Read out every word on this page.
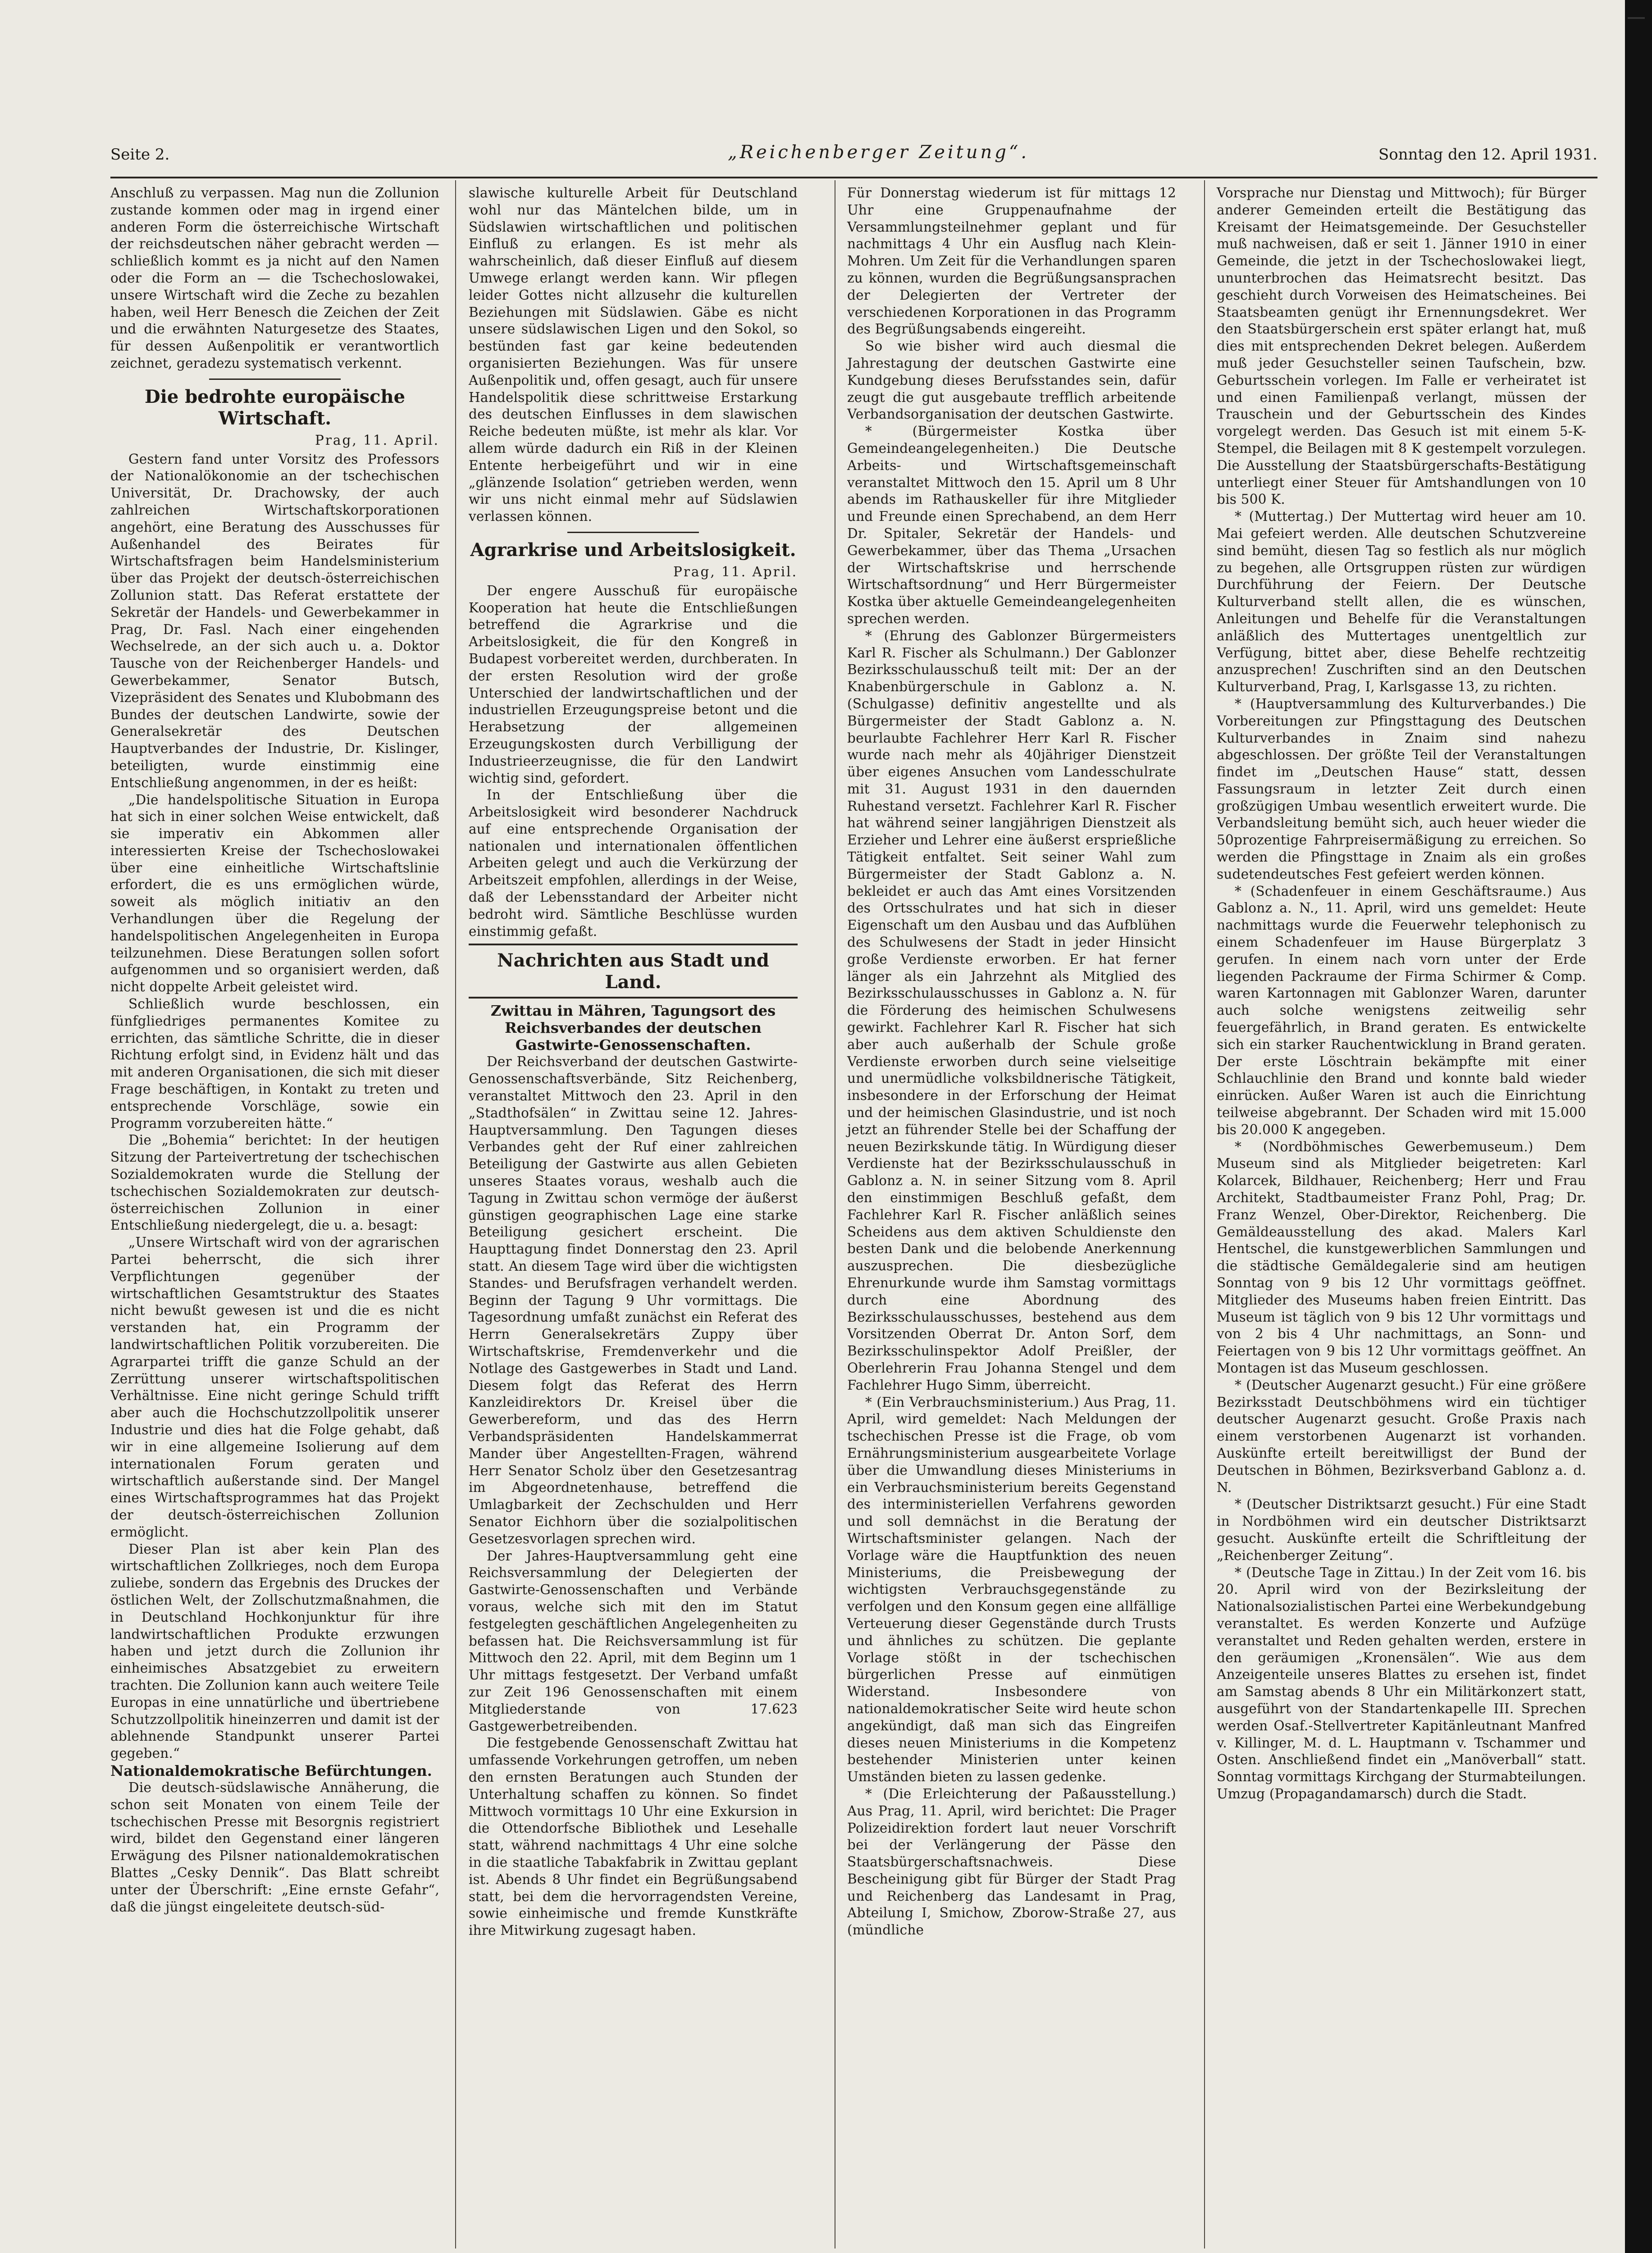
Seite 2.	„Reichenberger Zeitung“.	Sonntag den 12. April 1931.

Anschluß zu verpassen. Mag nun die Zollunion zustande kommen oder mag in irgend einer anderen Form die österreichische Wirtschaft der reichsdeutschen näher gebracht werden — schließlich kommt es ja nicht auf den Namen oder die Form an — die Tschechoslowakei, unsere Wirtschaft wird die Zeche zu bezahlen haben, weil Herr Benesch die Zeichen der Zeit und die erwähnten Naturgesetze des Staates, für dessen Außenpolitik er verantwortlich zeichnet, geradezu systematisch verkennt.

Die bedrohte europäische Wirtschaft.
Prag, 11. April.

Gestern fand unter Vorsitz des Professors der Nationalökonomie an der tschechischen Universität, Dr. Drachowsky, der auch zahlreichen Wirtschaftskorporationen angehört, eine Beratung des Ausschusses für Außenhandel des Beirates für Wirtschaftsfragen beim Handelsministerium über das Projekt der deutsch-österreichischen Zollunion statt. Das Referat erstattete der Sekretär der Handels- und Gewerbekammer in Prag, Dr. Fasl. Nach einer eingehenden Wechselrede, an der sich auch u. a. Doktor Tausche von der Reichenberger Handels- und Gewerbekammer, Senator Butsch, Vizepräsident des Senates und Klubobmann des Bundes der deutschen Landwirte, sowie der Generalsekretär des Deutschen Hauptverbandes der Industrie, Dr. Kislinger, beteiligten, wurde einstimmig eine Entschließung angenommen, in der es heißt:

„Die handelspolitische Situation in Europa hat sich in einer solchen Weise entwickelt, daß sie imperativ ein Abkommen aller interessierten Kreise der Tschechoslowakei über eine einheitliche Wirtschaftslinie erfordert, die es uns ermöglichen würde, soweit als möglich initiativ an den Verhandlungen über die Regelung der handelspolitischen Angelegenheiten in Europa teilzunehmen. Diese Beratungen sollen sofort aufgenommen und so organisiert werden, daß nicht doppelte Arbeit geleistet wird.

Schließlich wurde beschlossen, ein fünfgliedriges permanentes Komitee zu errichten, das sämtliche Schritte, die in dieser Richtung erfolgt sind, in Evidenz hält und das mit anderen Organisationen, die sich mit dieser Frage beschäftigen, in Kontakt zu treten und entsprechende Vorschläge, sowie ein Programm vorzubereiten hätte.“

Die „Bohemia“ berichtet: In der heutigen Sitzung der Parteivertretung der tschechischen Sozialdemokraten wurde die Stellung der tschechischen Sozialdemokraten zur deutsch-österreichischen Zollunion in einer Entschließung niedergelegt, die u. a. besagt:

„Unsere Wirtschaft wird von der agrarischen Partei beherrscht, die sich ihrer Verpflichtungen gegenüber der wirtschaftlichen Gesamtstruktur des Staates nicht bewußt gewesen ist und die es nicht verstanden hat, ein Programm der landwirtschaftlichen Politik vorzubereiten. Die Agrarpartei trifft die ganze Schuld an der Zerrüttung unserer wirtschaftspolitischen Verhältnisse. Eine nicht geringe Schuld trifft aber auch die Hochschutzzollpolitik unserer Industrie und dies hat die Folge gehabt, daß wir in eine allgemeine Isolierung auf dem internationalen Forum geraten und wirtschaftlich außerstande sind. Der Mangel eines Wirtschaftsprogrammes hat das Projekt der deutsch-österreichischen Zollunion ermöglicht.

Dieser Plan ist aber kein Plan des wirtschaftlichen Zollkrieges, noch dem Europa zuliebe, sondern das Ergebnis des Druckes der östlichen Welt, der Zollschutzmaßnahmen, die in Deutschland Hochkonjunktur für ihre landwirtschaftlichen Produkte erzwungen haben und jetzt durch die Zollunion ihr einheimisches Absatzgebiet zu erweitern trachten. Die Zollunion kann auch weitere Teile Europas in eine unnatürliche und übertriebene Schutzzollpolitik hineinzerren und damit ist der ablehnende Standpunkt unserer Partei gegeben.“

Nationaldemokratische Befürchtungen.

Die deutsch-südslawische Annäherung, die schon seit Monaten von einem Teile der tschechischen Presse mit Besorgnis registriert wird, bildet den Gegenstand einer längeren Erwägung des Pilsner nationaldemokratischen Blattes „Cesky Dennik“. Das Blatt schreibt unter der Überschrift: „Eine ernste Gefahr“, daß die jüngst eingeleitete deutsch-süd-

slawische kulturelle Arbeit für Deutschland wohl nur das Mäntelchen bilde, um in Südslawien wirtschaftlichen und politischen Einfluß zu erlangen. Es ist mehr als wahrscheinlich, daß dieser Einfluß auf diesem Umwege erlangt werden kann. Wir pflegen leider Gottes nicht allzusehr die kulturellen Beziehungen mit Südslawien. Gäbe es nicht unsere südslawischen Ligen und den Sokol, so bestünden fast gar keine bedeutenden organisierten Beziehungen. Was für unsere Außenpolitik und, offen gesagt, auch für unsere Handelspolitik diese schrittweise Erstarkung des deutschen Einflusses in dem slawischen Reiche bedeuten müßte, ist mehr als klar. Vor allem würde dadurch ein Riß in der Kleinen Entente herbeigeführt und wir in eine „glänzende Isolation“ getrieben werden, wenn wir uns nicht einmal mehr auf Südslawien verlassen können.

Agrarkrise und Arbeitslosigkeit.
Prag, 11. April.

Der engere Ausschuß für europäische Kooperation hat heute die Entschließungen betreffend die Agrarkrise und die Arbeitslosigkeit, die für den Kongreß in Budapest vorbereitet werden, durchberaten. In der ersten Resolution wird der große Unterschied der landwirtschaftlichen und der industriellen Erzeugungspreise betont und die Herabsetzung der allgemeinen Erzeugungskosten durch Verbilligung der Industrieerzeugnisse, die für den Landwirt wichtig sind, gefordert.

In der Entschließung über die Arbeitslosigkeit wird besonderer Nachdruck auf eine entsprechende Organisation der nationalen und internationalen öffentlichen Arbeiten gelegt und auch die Verkürzung der Arbeitszeit empfohlen, allerdings in der Weise, daß der Lebensstandard der Arbeiter nicht bedroht wird. Sämtliche Beschlüsse wurden einstimmig gefaßt.

Nachrichten aus Stadt und Land.
Zwittau in Mähren, Tagungsort des Reichsverbandes der deutschen Gastwirte-Genossenschaften.

Der Reichsverband der deutschen Gastwirte-Genossenschaftsverbände, Sitz Reichenberg, veranstaltet Mittwoch den 23. April in den „Stadthofsälen“ in Zwittau seine 12. Jahres-Hauptversammlung. Den Tagungen dieses Verbandes geht der Ruf einer zahlreichen Beteiligung der Gastwirte aus allen Gebieten unseres Staates voraus, weshalb auch die Tagung in Zwittau schon vermöge der äußerst günstigen geographischen Lage eine starke Beteiligung gesichert erscheint. Die Haupttagung findet Donnerstag den 23. April statt. An diesem Tage wird über die wichtigsten Standes- und Berufsfragen verhandelt werden. Beginn der Tagung 9 Uhr vormittags. Die Tagesordnung umfaßt zunächst ein Referat des Herrn Generalsekretärs Zuppy über Wirtschaftskrise, Fremdenverkehr und die Notlage des Gastgewerbes in Stadt und Land. Diesem folgt das Referat des Herrn Kanzleidirektors Dr. Kreisel über die Gewerbereform, und das des Herrn Verbandspräsidenten Handelskammerrat Mander über Angestellten-Fragen, während Herr Senator Scholz über den Gesetzesantrag im Abgeordnetenhause, betreffend die Umlagbarkeit der Zechschulden und Herr Senator Eichhorn über die sozialpolitischen Gesetzesvorlagen sprechen wird.

Der Jahres-Hauptversammlung geht eine Reichsversammlung der Delegierten der Gastwirte-Genossenschaften und Verbände voraus, welche sich mit den im Statut festgelegten geschäftlichen Angelegenheiten zu befassen hat. Die Reichsversammlung ist für Mittwoch den 22. April, mit dem Beginn um 1 Uhr mittags festgesetzt. Der Verband umfaßt zur Zeit 196 Genossenschaften mit einem Mitgliederstande von 17.623 Gastgewerbetreibenden.

Die festgebende Genossenschaft Zwittau hat umfassende Vorkehrungen getroffen, um neben den ernsten Beratungen auch Stunden der Unterhaltung schaffen zu können. So findet Mittwoch vormittags 10 Uhr eine Exkursion in die Ottendorfsche Bibliothek und Lesehalle statt, während nachmittags 4 Uhr eine solche in die staatliche Tabakfabrik in Zwittau geplant ist. Abends 8 Uhr findet ein Begrüßungsabend statt, bei dem die hervorragendsten Vereine, sowie einheimische und fremde Kunstkräfte ihre Mitwirkung zugesagt haben.

Für Donnerstag wiederum ist für mittags 12 Uhr eine Gruppenaufnahme der Versammlungsteilnehmer geplant und für nachmittags 4 Uhr ein Ausflug nach Klein-Mohren. Um Zeit für die Verhandlungen sparen zu können, wurden die Begrüßungsansprachen der Delegierten der Vertreter der verschiedenen Korporationen in das Programm des Begrüßungsabends eingereiht.

So wie bisher wird auch diesmal die Jahrestagung der deutschen Gastwirte eine Kundgebung dieses Berufsstandes sein, dafür zeugt die gut ausgebaute trefflich arbeitende Verbandsorganisation der deutschen Gastwirte.

* (Bürgermeister Kostka über Gemeindeangelegenheiten.) Die Deutsche Arbeits- und Wirtschaftsgemeinschaft veranstaltet Mittwoch den 15. April um 8 Uhr abends im Rathauskeller für ihre Mitglieder und Freunde einen Sprechabend, an dem Herr Dr. Spitaler, Sekretär der Handels- und Gewerbekammer, über das Thema „Ursachen der Wirtschaftskrise und herrschende Wirtschaftsordnung“ und Herr Bürgermeister Kostka über aktuelle Gemeindeangelegenheiten sprechen werden.

* (Ehrung des Gablonzer Bürgermeisters Karl R. Fischer als Schulmann.) Der Gablonzer Bezirksschulausschuß teilt mit: Der an der Knabenbürgerschule in Gablonz a. N. (Schulgasse) definitiv angestellte und als Bürgermeister der Stadt Gablonz a. N. beurlaubte Fachlehrer Herr Karl R. Fischer wurde nach mehr als 40jähriger Dienstzeit über eigenes Ansuchen vom Landesschulrate mit 31. August 1931 in den dauernden Ruhestand versetzt. Fachlehrer Karl R. Fischer hat während seiner langjährigen Dienstzeit als Erzieher und Lehrer eine äußerst ersprießliche Tätigkeit entfaltet. Seit seiner Wahl zum Bürgermeister der Stadt Gablonz a. N. bekleidet er auch das Amt eines Vorsitzenden des Ortsschulrates und hat sich in dieser Eigenschaft um den Ausbau und das Aufblühen des Schulwesens der Stadt in jeder Hinsicht große Verdienste erworben. Er hat ferner länger als ein Jahrzehnt als Mitglied des Bezirksschulausschusses in Gablonz a. N. für die Förderung des heimischen Schulwesens gewirkt. Fachlehrer Karl R. Fischer hat sich aber auch außerhalb der Schule große Verdienste erworben durch seine vielseitige und unermüdliche volksbildnerische Tätigkeit, insbesondere in der Erforschung der Heimat und der heimischen Glasindustrie, und ist noch jetzt an führender Stelle bei der Schaffung der neuen Bezirkskunde tätig. In Würdigung dieser Verdienste hat der Bezirksschulausschuß in Gablonz a. N. in seiner Sitzung vom 8. April den einstimmigen Beschluß gefaßt, dem Fachlehrer Karl R. Fischer anläßlich seines Scheidens aus dem aktiven Schuldienste den besten Dank und die belobende Anerkennung auszusprechen. Die diesbezügliche Ehrenurkunde wurde ihm Samstag vormittags durch eine Abordnung des Bezirksschulausschusses, bestehend aus dem Vorsitzenden Oberrat Dr. Anton Sorf, dem Bezirksschulinspektor Adolf Preißler, der Oberlehrerin Frau Johanna Stengel und dem Fachlehrer Hugo Simm, überreicht.

* (Ein Verbrauchsministerium.) Aus Prag, 11. April, wird gemeldet: Nach Meldungen der tschechischen Presse ist die Frage, ob vom Ernährungsministerium ausgearbeitete Vorlage über die Umwandlung dieses Ministeriums in ein Verbrauchsministerium bereits Gegenstand des interministeriellen Verfahrens geworden und soll demnächst in die Beratung der Wirtschaftsminister gelangen. Nach der Vorlage wäre die Hauptfunktion des neuen Ministeriums, die Preisbewegung der wichtigsten Verbrauchsgegenstände zu verfolgen und den Konsum gegen eine allfällige Verteuerung dieser Gegenstände durch Trusts und ähnliches zu schützen. Die geplante Vorlage stößt in der tschechischen bürgerlichen Presse auf einmütigen Widerstand. Insbesondere von nationaldemokratischer Seite wird heute schon angekündigt, daß man sich das Eingreifen dieses neuen Ministeriums in die Kompetenz bestehender Ministerien unter keinen Umständen bieten zu lassen gedenke.

* (Die Erleichterung der Paßausstellung.) Aus Prag, 11. April, wird berichtet: Die Prager Polizeidirektion fordert laut neuer Vorschrift bei der Verlängerung der Pässe den Staatsbürgerschaftsnachweis. Diese Bescheinigung gibt für Bürger der Stadt Prag und Reichenberg das Landesamt in Prag, Abteilung I, Smichow, Zborow-Straße 27, aus (mündliche

Vorsprache nur Dienstag und Mittwoch); für Bürger anderer Gemeinden erteilt die Bestätigung das Kreisamt der Heimatsgemeinde. Der Gesuchsteller muß nachweisen, daß er seit 1. Jänner 1910 in einer Gemeinde, die jetzt in der Tschechoslowakei liegt, ununterbrochen das Heimatsrecht besitzt. Das geschieht durch Vorweisen des Heimatscheines. Bei Staatsbeamten genügt ihr Ernennungsdekret. Wer den Staatsbürgerschein erst später erlangt hat, muß dies mit entsprechenden Dekret belegen. Außerdem muß jeder Gesuchsteller seinen Taufschein, bzw. Geburtsschein vorlegen. Im Falle er verheiratet ist und einen Familienpaß verlangt, müssen der Trauschein und der Geburtsschein des Kindes vorgelegt werden. Das Gesuch ist mit einem 5-K-Stempel, die Beilagen mit 8 K gestempelt vorzulegen. Die Ausstellung der Staatsbürgerschafts-Bestätigung unterliegt einer Steuer für Amtshandlungen von 10 bis 500 K.

* (Muttertag.) Der Muttertag wird heuer am 10. Mai gefeiert werden. Alle deutschen Schutzvereine sind bemüht, diesen Tag so festlich als nur möglich zu begehen, alle Ortsgruppen rüsten zur würdigen Durchführung der Feiern. Der Deutsche Kulturverband stellt allen, die es wünschen, Anleitungen und Behelfe für die Veranstaltungen anläßlich des Muttertages unentgeltlich zur Verfügung, bittet aber, diese Behelfe rechtzeitig anzusprechen! Zuschriften sind an den Deutschen Kulturverband, Prag, I, Karlsgasse 13, zu richten.

* (Hauptversammlung des Kulturverbandes.) Die Vorbereitungen zur Pfingsttagung des Deutschen Kulturverbandes in Znaim sind nahezu abgeschlossen. Der größte Teil der Veranstaltungen findet im „Deutschen Hause“ statt, dessen Fassungsraum in letzter Zeit durch einen großzügigen Umbau wesentlich erweitert wurde. Die Verbandsleitung bemüht sich, auch heuer wieder die 50prozentige Fahrpreisermäßigung zu erreichen. So werden die Pfingsttage in Znaim als ein großes sudetendeutsches Fest gefeiert werden können.

* (Schadenfeuer in einem Geschäftsraume.) Aus Gablonz a. N., 11. April, wird uns gemeldet: Heute nachmittags wurde die Feuerwehr telephonisch zu einem Schadenfeuer im Hause Bürgerplatz 3 gerufen. In einem nach vorn unter der Erde liegenden Packraume der Firma Schirmer & Comp. waren Kartonnagen mit Gablonzer Waren, darunter auch solche wenigstens zeitweilig sehr feuergefährlich, in Brand geraten. Es entwickelte sich ein starker Rauchentwicklung in Brand geraten. Der erste Löschtrain bekämpfte mit einer Schlauchlinie den Brand und konnte bald wieder einrücken. Außer Waren ist auch die Einrichtung teilweise abgebrannt. Der Schaden wird mit 15.000 bis 20.000 K angegeben.

* (Nordböhmisches Gewerbemuseum.) Dem Museum sind als Mitglieder beigetreten: Karl Kolarcek, Bildhauer, Reichenberg; Herr und Frau Architekt, Stadtbaumeister Franz Pohl, Prag; Dr. Franz Wenzel, Ober-Direktor, Reichenberg. Die Gemäldeausstellung des akad. Malers Karl Hentschel, die kunstgewerblichen Sammlungen und die städtische Gemäldegalerie sind am heutigen Sonntag von 9 bis 12 Uhr vormittags geöffnet. Mitglieder des Museums haben freien Eintritt. Das Museum ist täglich von 9 bis 12 Uhr vormittags und von 2 bis 4 Uhr nachmittags, an Sonn- und Feiertagen von 9 bis 12 Uhr vormittags geöffnet. An Montagen ist das Museum geschlossen.

* (Deutscher Augenarzt gesucht.) Für eine größere Bezirksstadt Deutschböhmens wird ein tüchtiger deutscher Augenarzt gesucht. Große Praxis nach einem verstorbenen Augenarzt ist vorhanden. Auskünfte erteilt bereitwilligst der Bund der Deutschen in Böhmen, Bezirksverband Gablonz a. d. N.

* (Deutscher Distriktsarzt gesucht.) Für eine Stadt in Nordböhmen wird ein deutscher Distriktsarzt gesucht. Auskünfte erteilt die Schriftleitung der „Reichenberger Zeitung“.

* (Deutsche Tage in Zittau.) In der Zeit vom 16. bis 20. April wird von der Bezirksleitung der Nationalsozialistischen Partei eine Werbekundgebung veranstaltet. Es werden Konzerte und Aufzüge veranstaltet und Reden gehalten werden, erstere in den geräumigen „Kronensälen“. Wie aus dem Anzeigenteile unseres Blattes zu ersehen ist, findet am Samstag abends 8 Uhr ein Militärkonzert statt, ausgeführt von der Standartenkapelle III. Sprechen werden Osaf.-Stellvertreter Kapitänleutnant Manfred v. Killinger, M. d. L. Hauptmann v. Tschammer und Osten. Anschließend findet ein „Manöverball“ statt. Sonntag vormittags Kirchgang der Sturmabteilungen. Umzug (Propagandamarsch) durch die Stadt.
